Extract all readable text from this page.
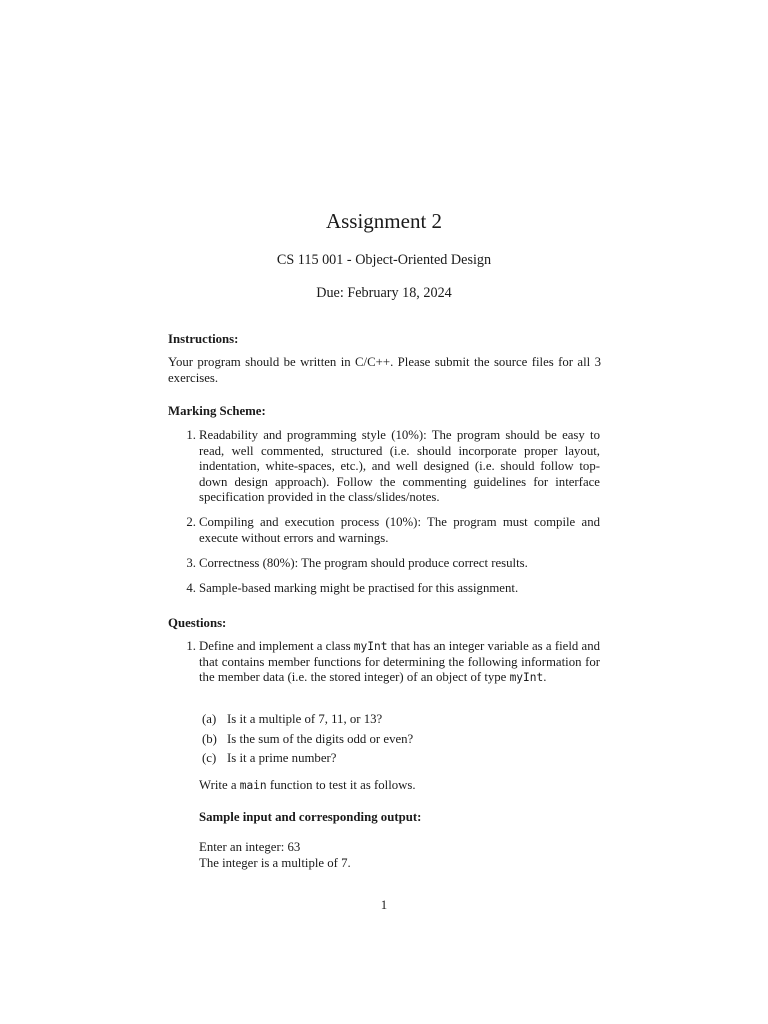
Assignment 2
CS 115 001 - Object-Oriented Design
Due: February 18, 2024
Instructions:
Your program should be written in C/C++. Please submit the source files for all 3 exercises.
Marking Scheme:
1. Readability and programming style (10%): The program should be easy to read, well commented, structured (i.e. should incorporate proper layout, indentation, white-spaces, etc.), and well designed (i.e. should follow top-down design approach). Follow the commenting guidelines for interface specification provided in the class/slides/notes.
2. Compiling and execution process (10%): The program must compile and execute without errors and warnings.
3. Correctness (80%): The program should produce correct results.
4. Sample-based marking might be practised for this assignment.
Questions:
1. Define and implement a class myInt that has an integer variable as a field and that contains member functions for determining the following information for the member data (i.e. the stored integer) of an object of type myInt.
(a) Is it a multiple of 7, 11, or 13?
(b) Is the sum of the digits odd or even?
(c) Is it a prime number?
Write a main function to test it as follows.
Sample input and corresponding output:
Enter an integer: 63
The integer is a multiple of 7.
1
